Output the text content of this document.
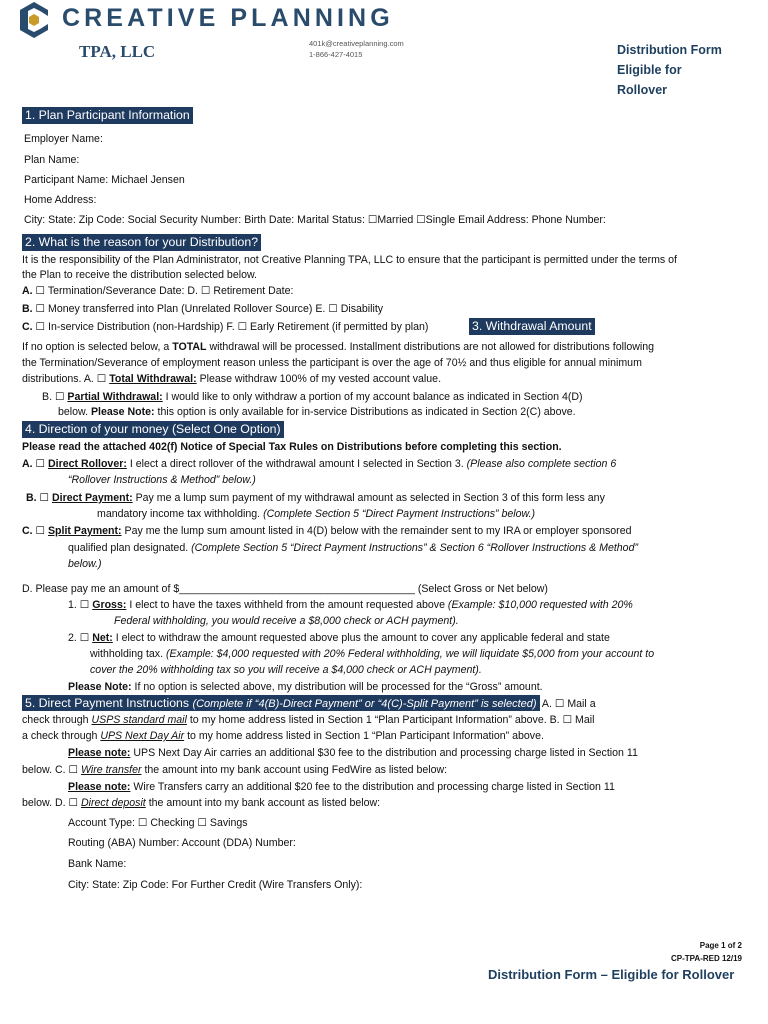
CREATIVE PLANNING
TPA, LLC	401k@creativeplanning.com
1-866-427-4015	Distribution Form Eligible for Rollover
1. Plan Participant Information
Employer Name:
Plan Name:
Participant Name: Michael Jensen
Home Address:
City: State: Zip Code: Social Security Number: Birth Date: Marital Status: ☐Married ☐Single Email Address: Phone Number:
2. What is the reason for your Distribution?
It is the responsibility of the Plan Administrator, not Creative Planning TPA, LLC to ensure that the participant is permitted under the terms of
the Plan to receive the distribution selected below.
A. ☐ Termination/Severance Date: D. ☐ Retirement Date:
B. ☐ Money transferred into Plan (Unrelated Rollover Source) E. ☐ Disability
C. ☐ In-service Distribution (non-Hardship) F. ☐ Early Retirement (if permitted by plan)	3. Withdrawal Amount
If no option is selected below, a TOTAL withdrawal will be processed. Installment distributions are not allowed for distributions following
the Termination/Severance of employment reason unless the participant is over the age of 70½ and thus eligible for annual minimum
distributions. A. ☐ Total Withdrawal: Please withdraw 100% of my vested account value.
B. ☐ Partial Withdrawal: I would like to only withdraw a portion of my account balance as indicated in Section 4(D)
below. Please Note: this option is only available for in-service Distributions as indicated in Section 2(C) above.
4. Direction of your money (Select One Option)
Please read the attached 402(f) Notice of Special Tax Rules on Distributions before completing this section.
A. ☐ Direct Rollover: I elect a direct rollover of the withdrawal amount I selected in Section 3. (Please also complete section 6
“Rollover Instructions & Method” below.)
B. ☐ Direct Payment: Pay me a lump sum payment of my withdrawal amount as selected in Section 3 of this form less any
mandatory income tax withholding. (Complete Section 5 “Direct Payment Instructions” below.)
C. ☐ Split Payment: Pay me the lump sum amount listed in 4(D) below with the remainder sent to my IRA or employer sponsored
qualified plan designated. (Complete Section 5 “Direct Payment Instructions” & Section 6 “Rollover Instructions & Method”
below.)
D. Please pay me an amount of $________________________________________ (Select Gross or Net below)
1. ☐ Gross: I elect to have the taxes withheld from the amount requested above (Example: $10,000 requested with 20%
Federal withholding, you would receive a $8,000 check or ACH payment).
2. ☐ Net: I elect to withdraw the amount requested above plus the amount to cover any applicable federal and state
withholding tax. (Example: $4,000 requested with 20% Federal withholding, we will liquidate $5,000 from your account to
cover the 20% withholding tax so you will receive a $4,000 check or ACH payment).
Please Note: If no option is selected above, my distribution will be processed for the “Gross” amount.
5. Direct Payment Instructions (Complete if “4(B)-Direct Payment” or “4(C)-Split Payment” is selected) A. ☐ Mail a
check through USPS standard mail to my home address listed in Section 1 “Plan Participant Information” above. B. ☐ Mail
a check through UPS Next Day Air to my home address listed in Section 1 “Plan Participant Information” above.
Please note: UPS Next Day Air carries an additional $30 fee to the distribution and processing charge listed in Section 11
below. C. ☐ Wire transfer the amount into my bank account using FedWire as listed below:
Please note: Wire Transfers carry an additional $20 fee to the distribution and processing charge listed in Section 11
below. D. ☐ Direct deposit the amount into my bank account as listed below:
Account Type: ☐ Checking ☐ Savings
Routing (ABA) Number: Account (DDA) Number:
Bank Name:
City: State: Zip Code: For Further Credit (Wire Transfers Only):
Page 1 of 2
CP-TPA-RED 12/19
Distribution Form – Eligible for Rollover
